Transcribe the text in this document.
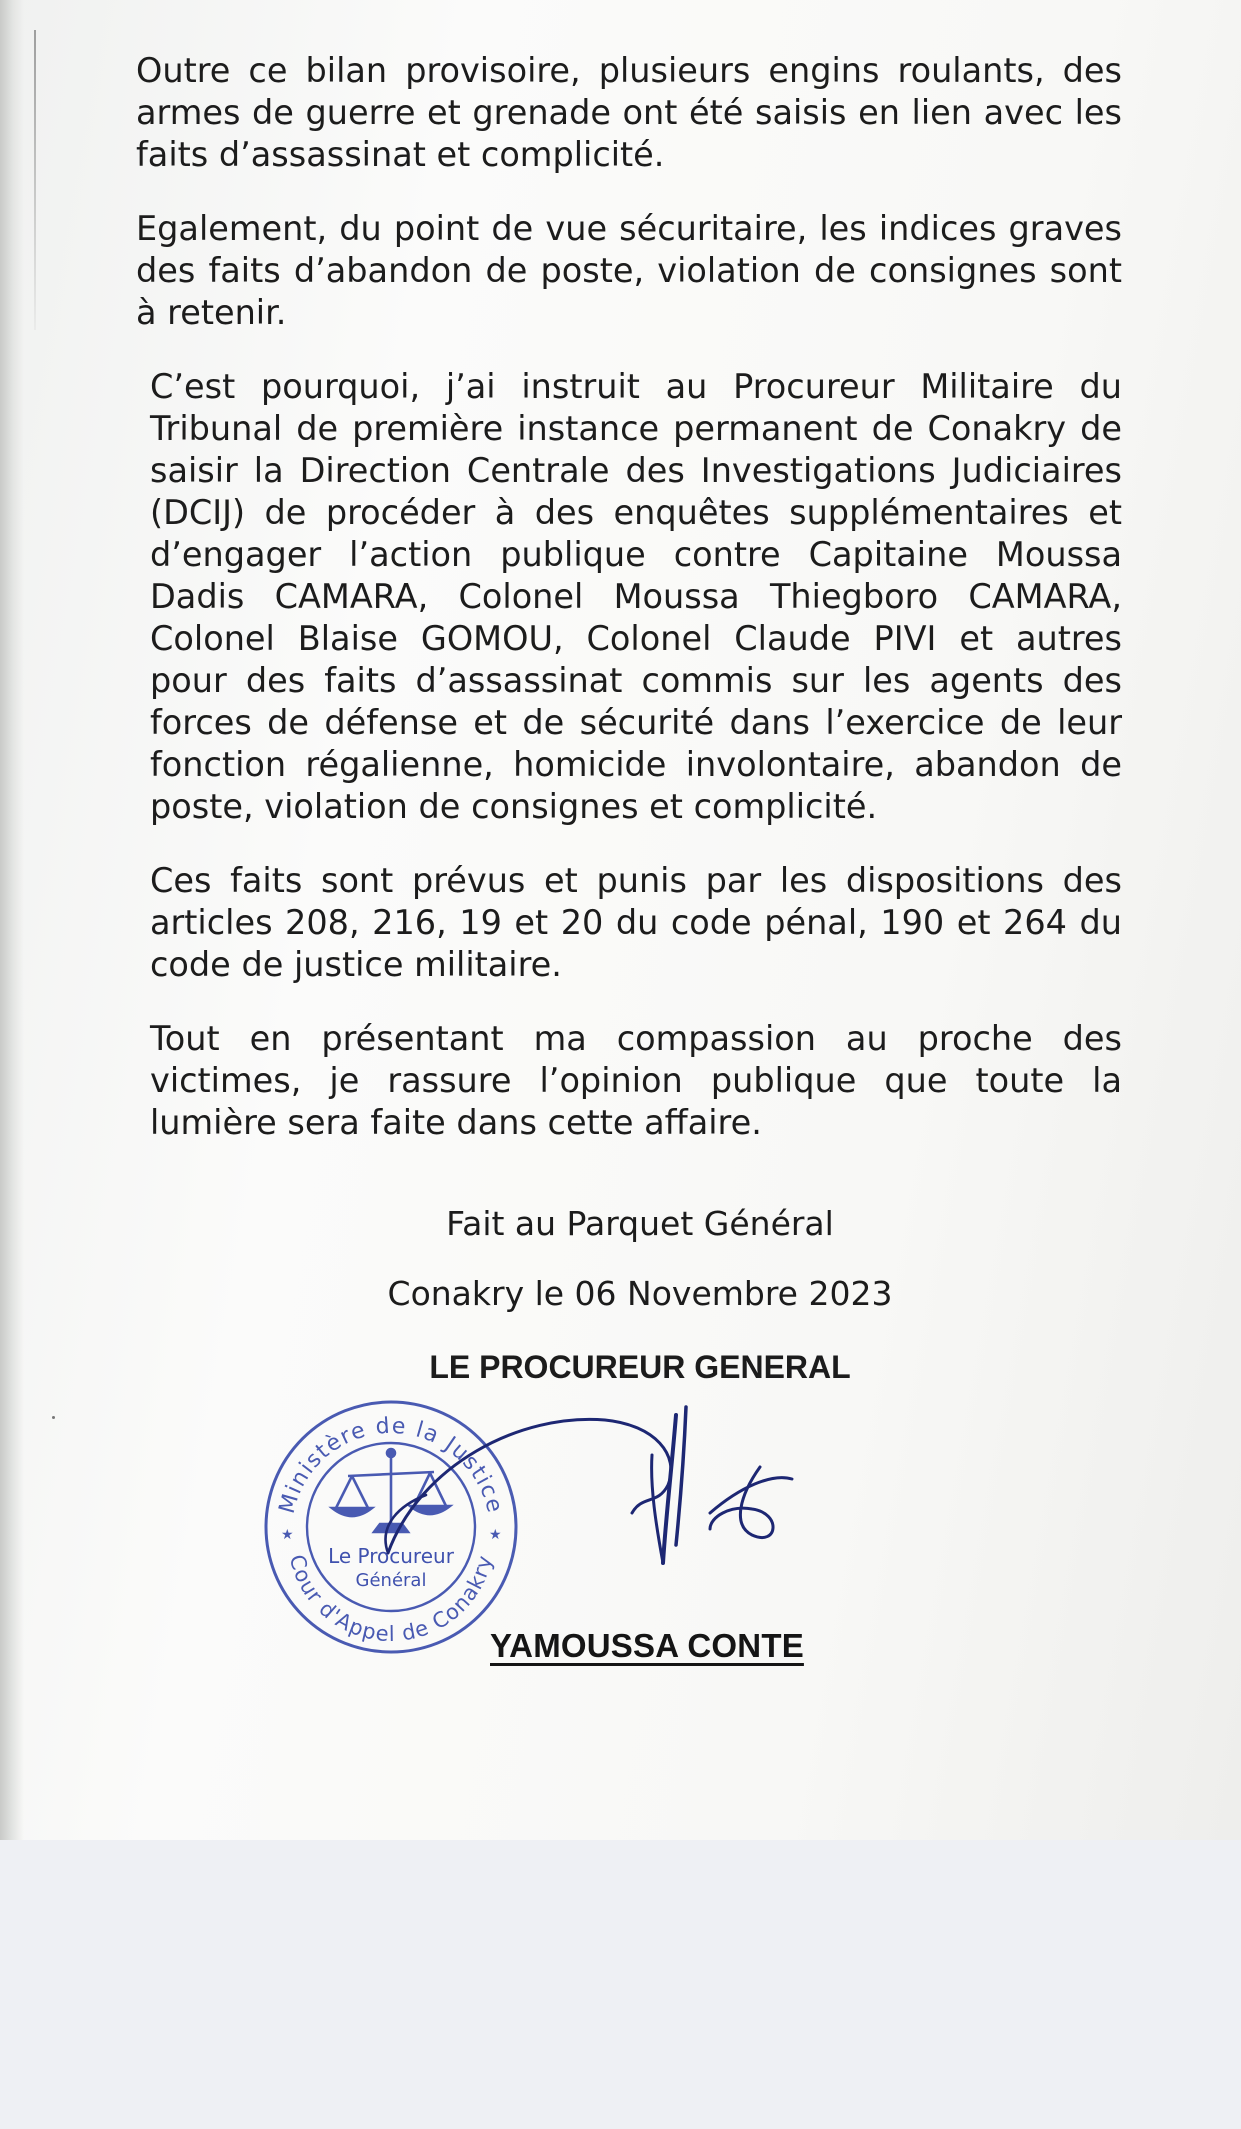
Outre ce bilan provisoire, plusieurs engins roulants, des armes de guerre et grenade ont été saisis en lien avec les faits d’assassinat et complicité.

Egalement, du point de vue sécuritaire, les indices graves des faits d’abandon de poste, violation de consignes sont à retenir.

C’est pourquoi, j’ai instruit au Procureur Militaire du Tribunal de première instance permanent de Conakry de saisir la Direction Centrale des Investigations Judiciaires (DCIJ) de procéder à des enquêtes supplémentaires et d’engager l’action publique contre Capitaine Moussa Dadis CAMARA, Colonel Moussa Thiegboro CAMARA, Colonel Blaise GOMOU, Colonel Claude PIVI et autres pour des faits d’assassinat commis sur les agents des forces de défense et de sécurité dans l’exercice de leur fonction régalienne, homicide involontaire, abandon de poste, violation de consignes et complicité.

Ces faits sont prévus et punis par les dispositions des articles 208, 216, 19 et 20 du code pénal, 190 et 264 du code de justice militaire.

Tout en présentant ma compassion au proche des victimes, je rassure l’opinion publique que toute la lumière sera faite dans cette affaire.

Fait au Parquet Général
Conakry le 06 Novembre 2023
LE PROCUREUR GENERAL
Ministère de la Justice
Cour d'Appel de Conakry
★	★
Le Procureur
Général
YAMOUSSA CONTE
